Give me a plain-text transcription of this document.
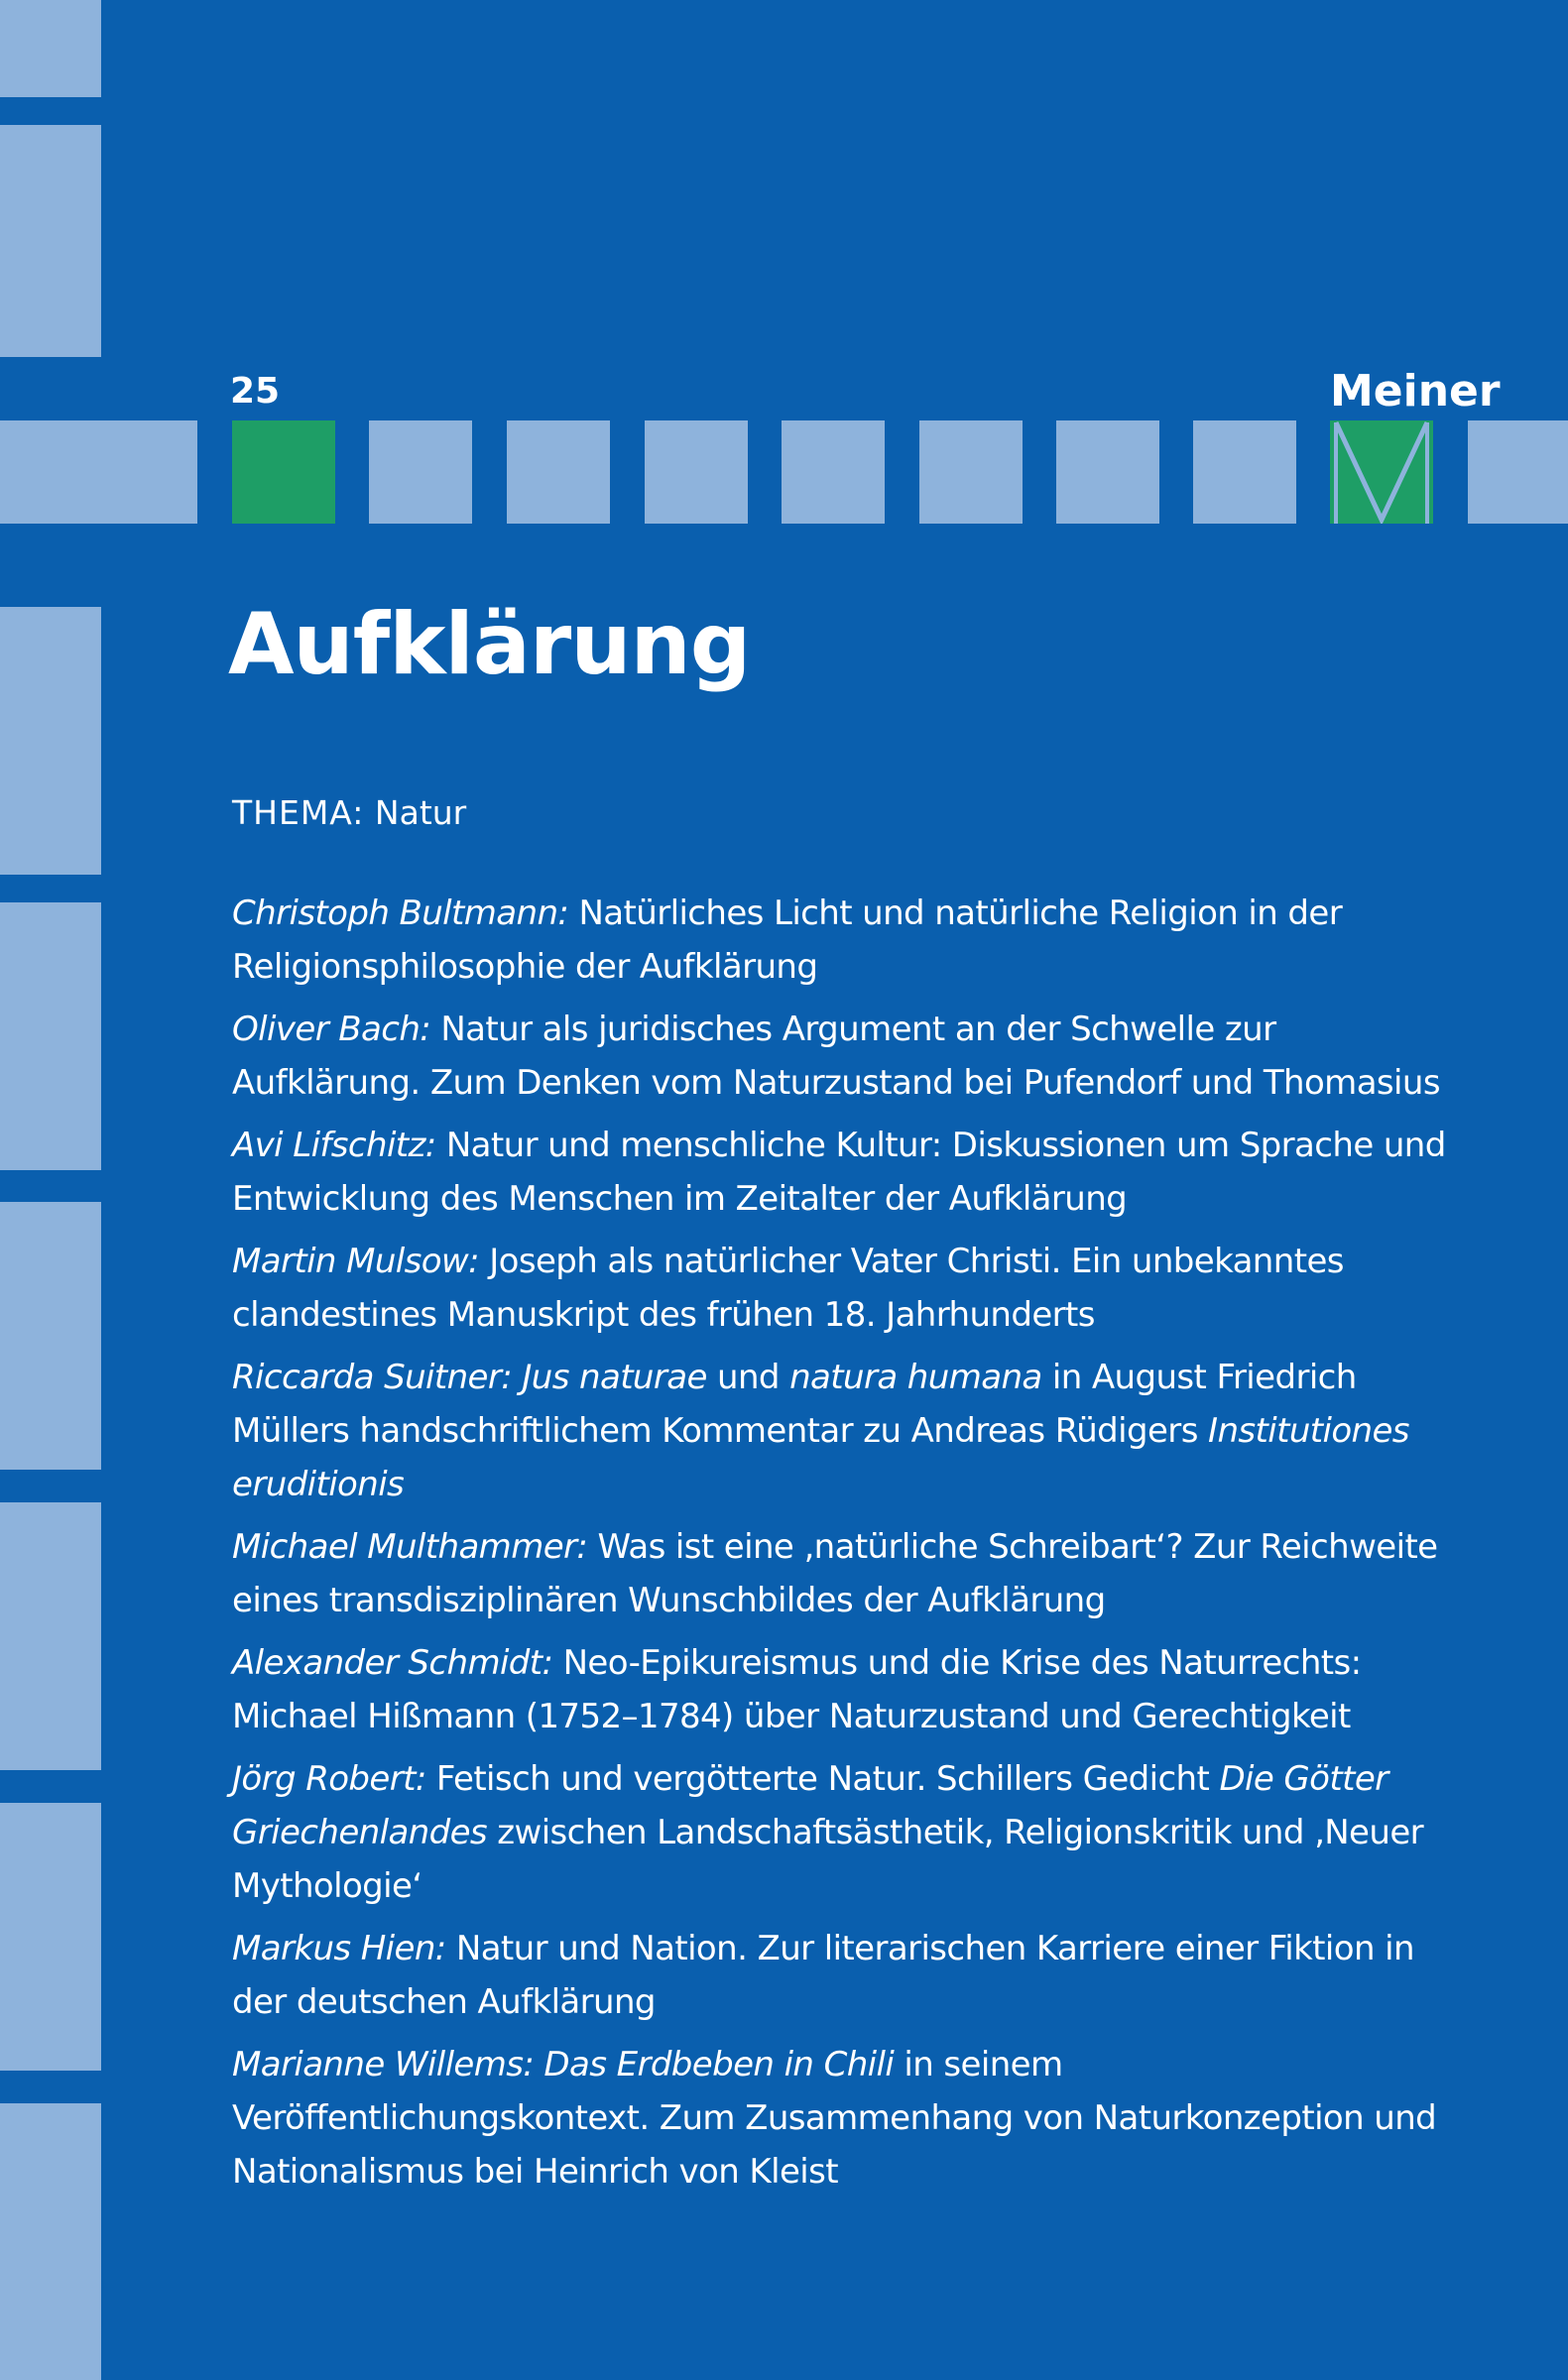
25	Meiner
Aufklärung
THEMA: Natur
Christoph Bultmann: Natürliches Licht und natürliche Religion in der Religionsphilosophie der Aufklärung
Oliver Bach: Natur als juridisches Argument an der Schwelle zur Aufklärung. Zum Denken vom Naturzustand bei Pufendorf und Thomasius
Avi Lifschitz: Natur und menschliche Kultur: Diskussionen um Sprache und Entwicklung des Menschen im Zeitalter der Aufklärung
Martin Mulsow: Joseph als natürlicher Vater Christi. Ein unbekanntes clandestines Manuskript des frühen 18. Jahrhunderts
Riccarda Suitner: Jus naturae und natura humana in August Friedrich Müllers handschriftlichem Kommentar zu Andreas Rüdigers Institutiones eruditionis
Michael Multhammer: Was ist eine ‚natürliche Schreibart‘? Zur Reichweite eines transdisziplinären Wunschbildes der Aufklärung
Alexander Schmidt: Neo-Epikureismus und die Krise des Naturrechts: Michael Hißmann (1752–1784) über Naturzustand und Gerechtigkeit
Jörg Robert: Fetisch und vergötterte Natur. Schillers Gedicht Die Götter Griechenlandes zwischen Landschaftsästhetik, Religionskritik und ‚Neuer Mythologie‘
Markus Hien: Natur und Nation. Zur literarischen Karriere einer Fiktion in der deutschen Aufklärung
Marianne Willems: Das Erdbeben in Chili in seinem Veröffentlichungskontext. Zum Zusammenhang von Naturkonzeption und Nationalismus bei Heinrich von Kleist
